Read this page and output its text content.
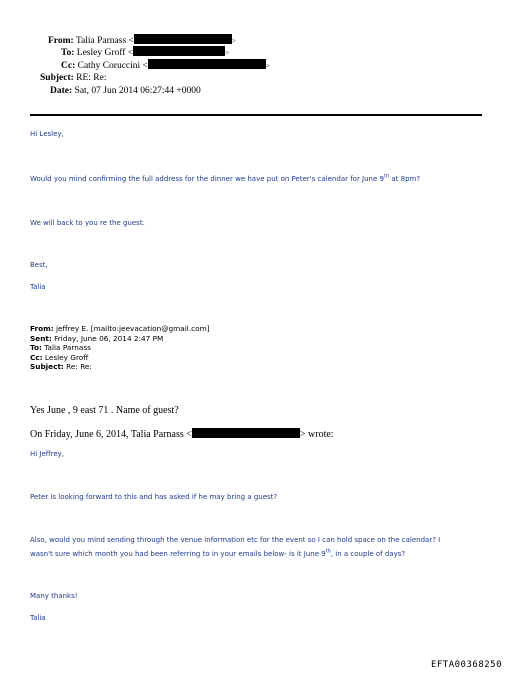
From: Talia Parnass <	>
To: Lesley Groff <	>
Cc: Cathy Coruccini <	>
Subject: RE: Re:
Date: Sat, 07 Jun 2014 06:27:44 +0000
Hi Lesley,
Would you mind confirming the full address for the dinner we have put on Peter's calendar for June 9th at 8pm?
We will back to you re the guest.
Best,
Talia
From: jeffrey E. [mailto:jeevacation@gmail.com]
Sent: Friday, June 06, 2014 2:47 PM
To: Talia Parnass
Cc: Lesley Groff
Subject: Re: Re:
Yes June , 9 east 71 . Name of guest?
On Friday, June 6, 2014, Talia Parnass <	> wrote:
Hi Jeffrey,
Peter is looking forward to this and has asked if he may bring a guest?
Also, would you mind sending through the venue information etc for the event so I can hold space on the calendar? I
wasn't sure which month you had been referring to in your emails below- is it June 9th, in a couple of days?
Many thanks!
Talia
EFTA00368250
